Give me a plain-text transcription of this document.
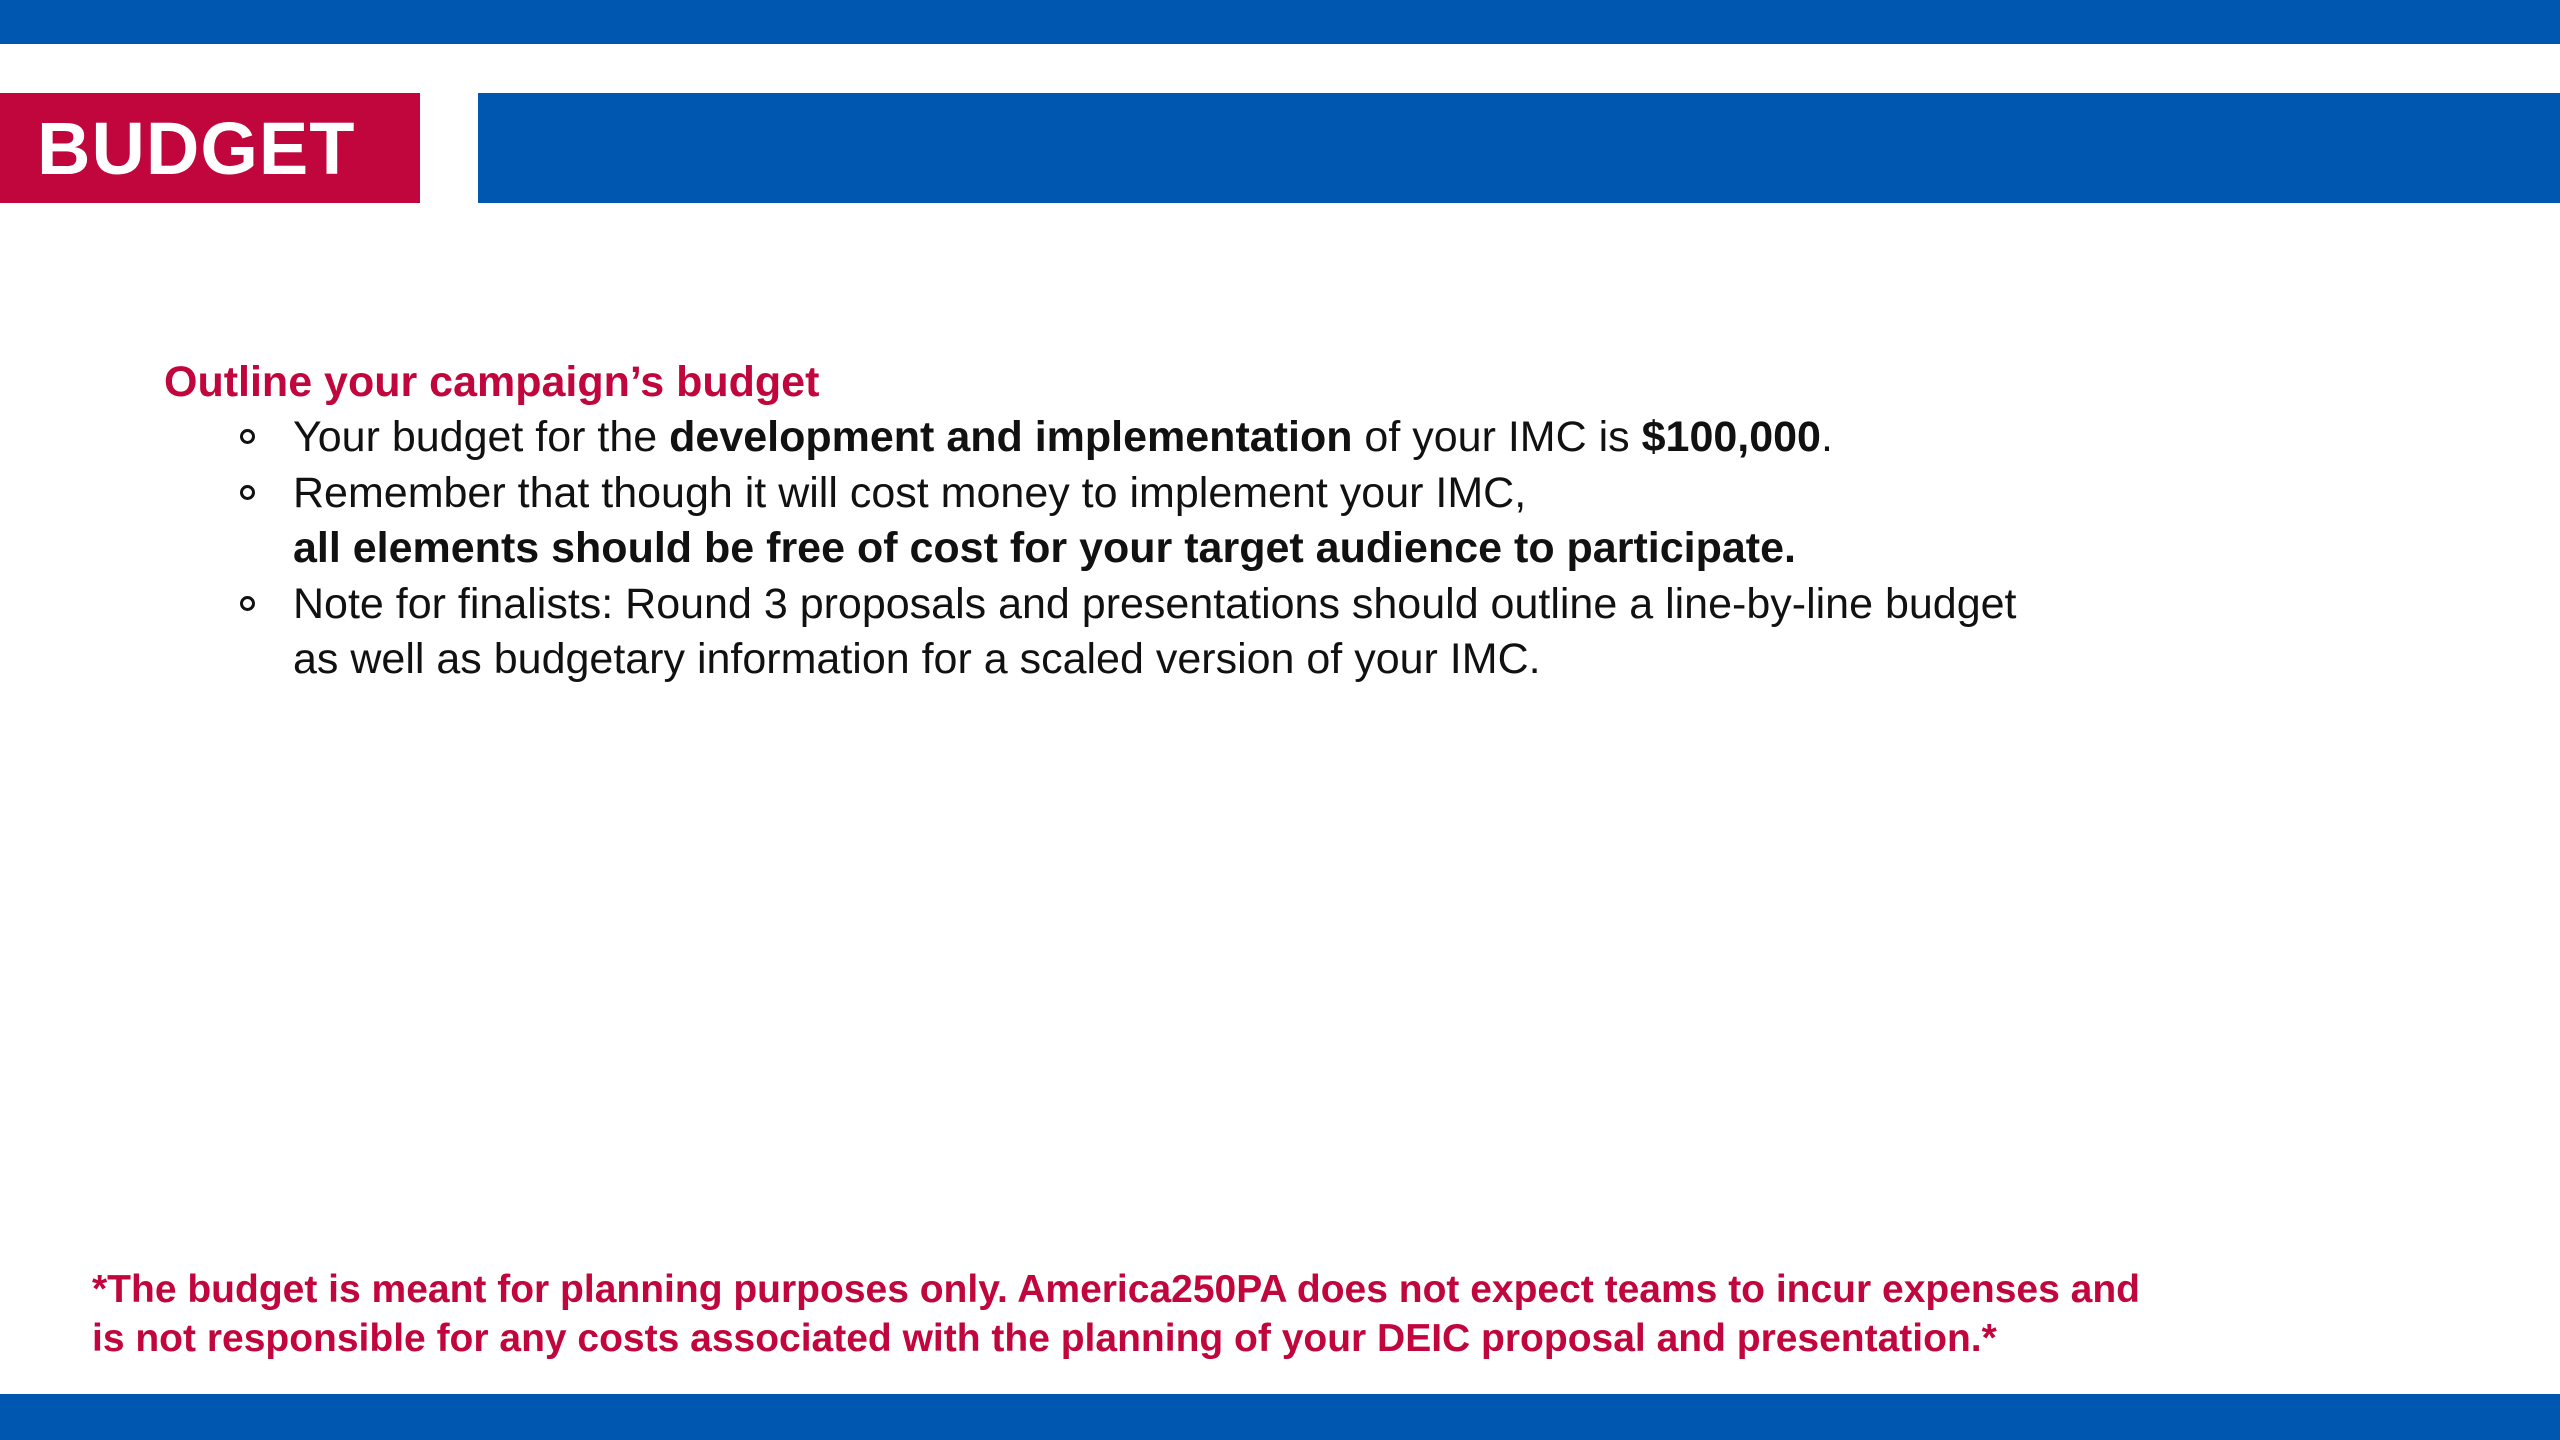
BUDGET

Outline your campaign’s budget

Your budget for the development and implementation of your IMC is $100,000.
Remember that though it will cost money to implement your IMC,
all elements should be free of cost for your target audience to participate.
Note for finalists: Round 3 proposals and presentations should outline a line-by-line budget
as well as budgetary information for a scaled version of your IMC.
*The budget is meant for planning purposes only. America250PA does not expect teams to incur expenses and
is not responsible for any costs associated with the planning of your DEIC proposal and presentation.*
